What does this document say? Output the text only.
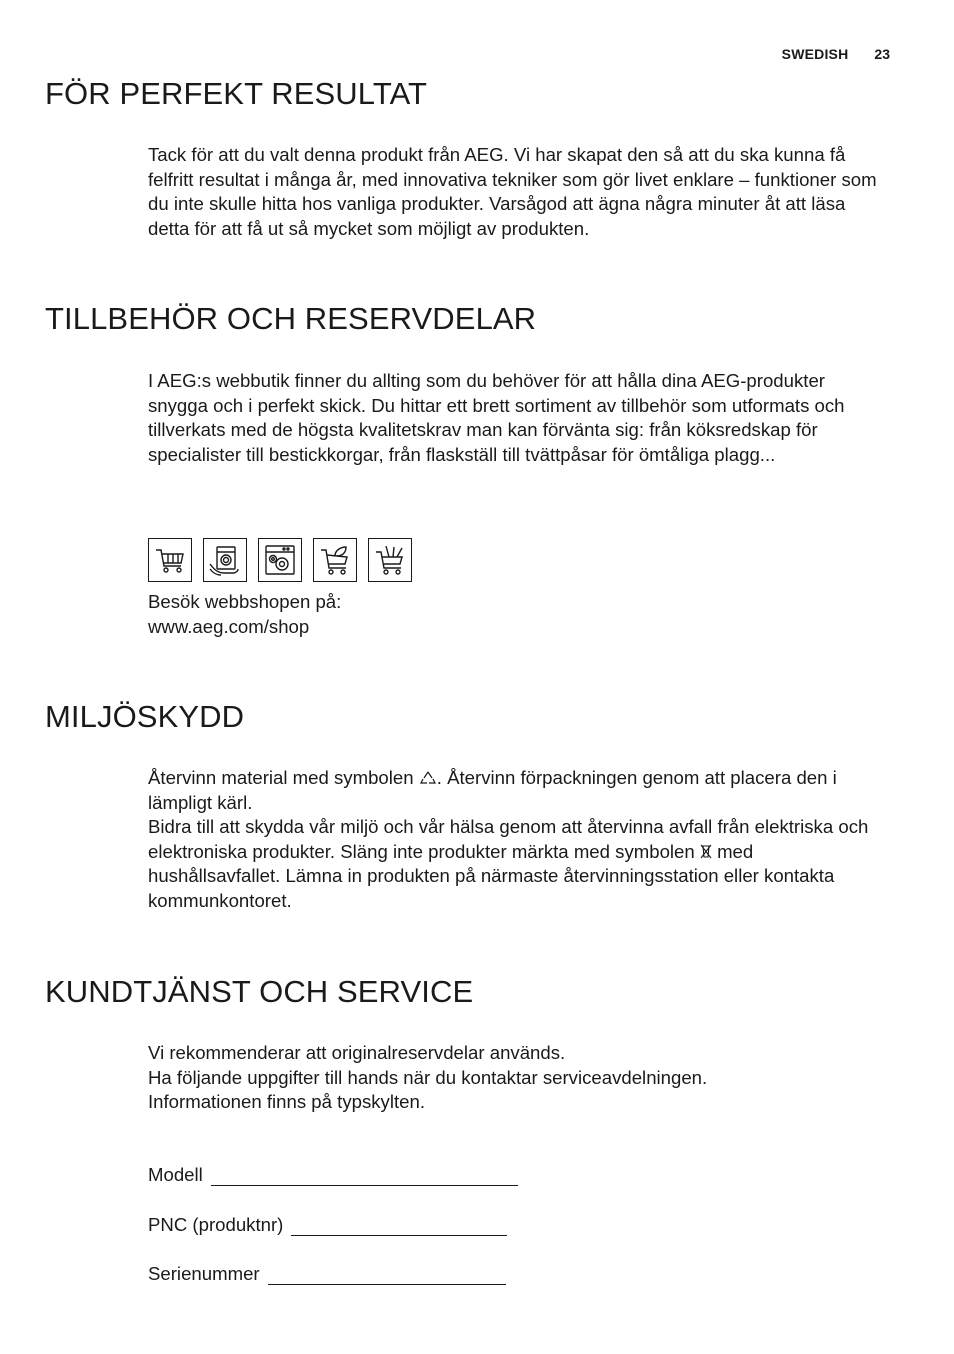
SWEDISH 23
FÖR PERFEKT RESULTAT

Tack för att du valt denna produkt från AEG. Vi har skapat den så att du ska kunna få felfritt resultat i många år, med innovativa tekniker som gör livet enklare – funktioner som du inte skulle hitta hos vanliga produkter. Varsågod att ägna några minuter åt att läsa detta för att få ut så mycket som möjligt av produkten.

TILLBEHÖR OCH RESERVDELAR

I AEG:s webbutik finner du allting som du behöver för att hålla dina AEG-produkter snygga och i perfekt skick. Du hittar ett brett sortiment av tillbehör som utformats och tillverkats med de högsta kvalitetskrav man kan förvänta sig: från köksredskap för specialister till bestickkorgar, från flaskställ till tvättpåsar för ömtåliga plagg...

Besök webbshopen på:

www.aeg.com/shop

MILJÖSKYDD

Återvinn material med symbolen . Återvinn förpackningen genom att placera den i lämpligt kärl.

Bidra till att skydda vår miljö och vår hälsa genom att återvinna avfall från elektriska och elektroniska produkter. Släng inte produkter märkta med symbolen  med hushållsavfallet. Lämna in produkten på närmaste återvinningsstation eller kontakta kommunkontoret.

KUNDTJÄNST OCH SERVICE

Vi rekommenderar att originalreservdelar används.

Ha följande uppgifter till hands när du kontaktar serviceavdelningen.

Informationen finns på typskylten.

Modell
PNC (produktnr)
Serienummer
